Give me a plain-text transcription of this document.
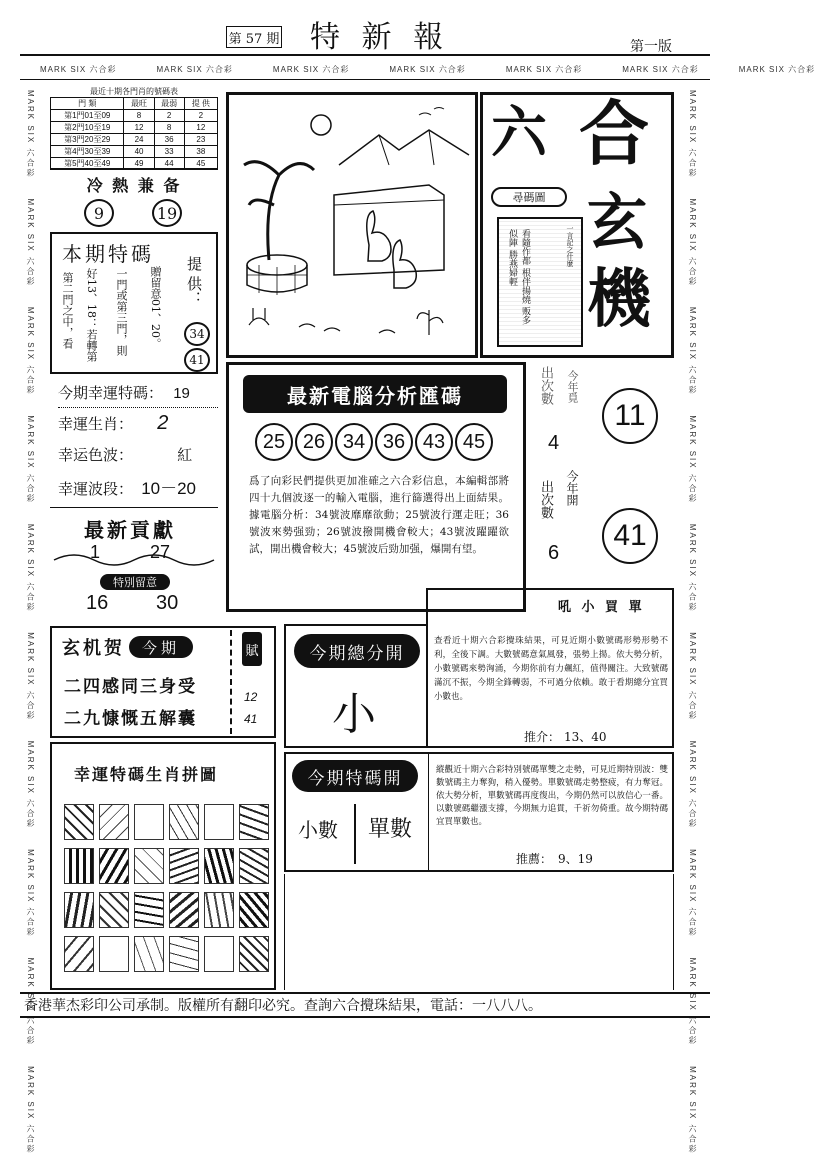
第 57 期 特 新 報	第一版
MARK SIX 六合彩	MARK SIX 六合彩	MARK SIX 六合彩	MARK SIX 六合彩	MARK SIX 六合彩	MARK SIX 六合彩	MARK SIX 六合彩
MARK SIX 六合彩　　MARK SIX 六合彩　　MARK SIX 六合彩　　MARK SIX 六合彩　　MARK SIX 六合彩　　MARK SIX 六合彩　　MARK SIX 六合彩　　MARK SIX 六合彩　　MARK SIX 六合彩　　MARK SIX 六合彩
MARK SIX 六合彩　　MARK SIX 六合彩　　MARK SIX 六合彩　　MARK SIX 六合彩　　MARK SIX 六合彩　　MARK SIX 六合彩　　MARK SIX 六合彩　　MARK SIX 六合彩　　MARK SIX 六合彩　　MARK SIX 六合彩
最近十期各門肖的號碼表
門 類	最旺	最弱	提 供
第1門01至09	8	2	2
第2門10至19	12	8	12
第3門20至29	24	36	23
第4門30至39	40	33	38
第5門40至49	49	44	45
冷 熱 兼 备
9	19
本期特碼
第二門之中，看 好13、18：若轉第 一門或第三門，則 贈留意01、20。 提 供：
34
41
今期幸運特碼： 19
幸運生肖： 2
幸运色波：	紅
幸運波段： 10－20
最新貢獻
1	27
特別留意
16 30
玄机贺	今期
二四感同三身受
二九慷慨五解囊
賦
12
41
幸運特碼生肖拼圖
六 合
尋碼圖
看隨作都 根伴揚燒 贩多似陣 勝燕婦輕	一言記之什麼 玄
機
最新電腦分析匯碼
25 26 34 36 43 45
爲了向彩民們提供更加准確之六合彩信息，本編輯部將四十九個波逐一的輸入電腦，進行篩選得出上面結果。據電腦分析：34號波靡靡欲動；25號波行運走旺；36號波來勢强勁；26號波撥開機會較大；43號波躍躍欲試，開出機會較大；45號波后勁加强，爆開有望。
出次數 今年覓
4
11
出次數 今年開
6
41
吼 小 買 單
查看近十期六合彩攪珠結果，可見近期小數號碼形勢形勢不利，全後下調。大數號碼意氣風發，張勢上揚。依大勢分析，小數號碼來勢洶涌，今期你前有力飆紅，值得關注。大致號碼滿沉不振，今期全鋒轉弱，不可過分依賴。敢于看期總分宜買小數也。
推介： 13、40
今期總分開
小
今期特碼開
小數 單數
縱觀近十期六合彩特別號碼單雙之走勢，可見近期特別波：雙數號碼主力奪狗，稍入優勢。單數號碼走勢整疲，有力奪冠。依大勢分析，單數號碼再度復出，今期仍然可以放信心一番。以數號碼繼漲支撐，今期無力追貫，千祈勿倚重。故今期特碼宜買單數也。
推薦： 9、19
香港華杰彩印公司承制。版權所有翻印必究。查詢六合攪珠結果，電話：一八八八。
